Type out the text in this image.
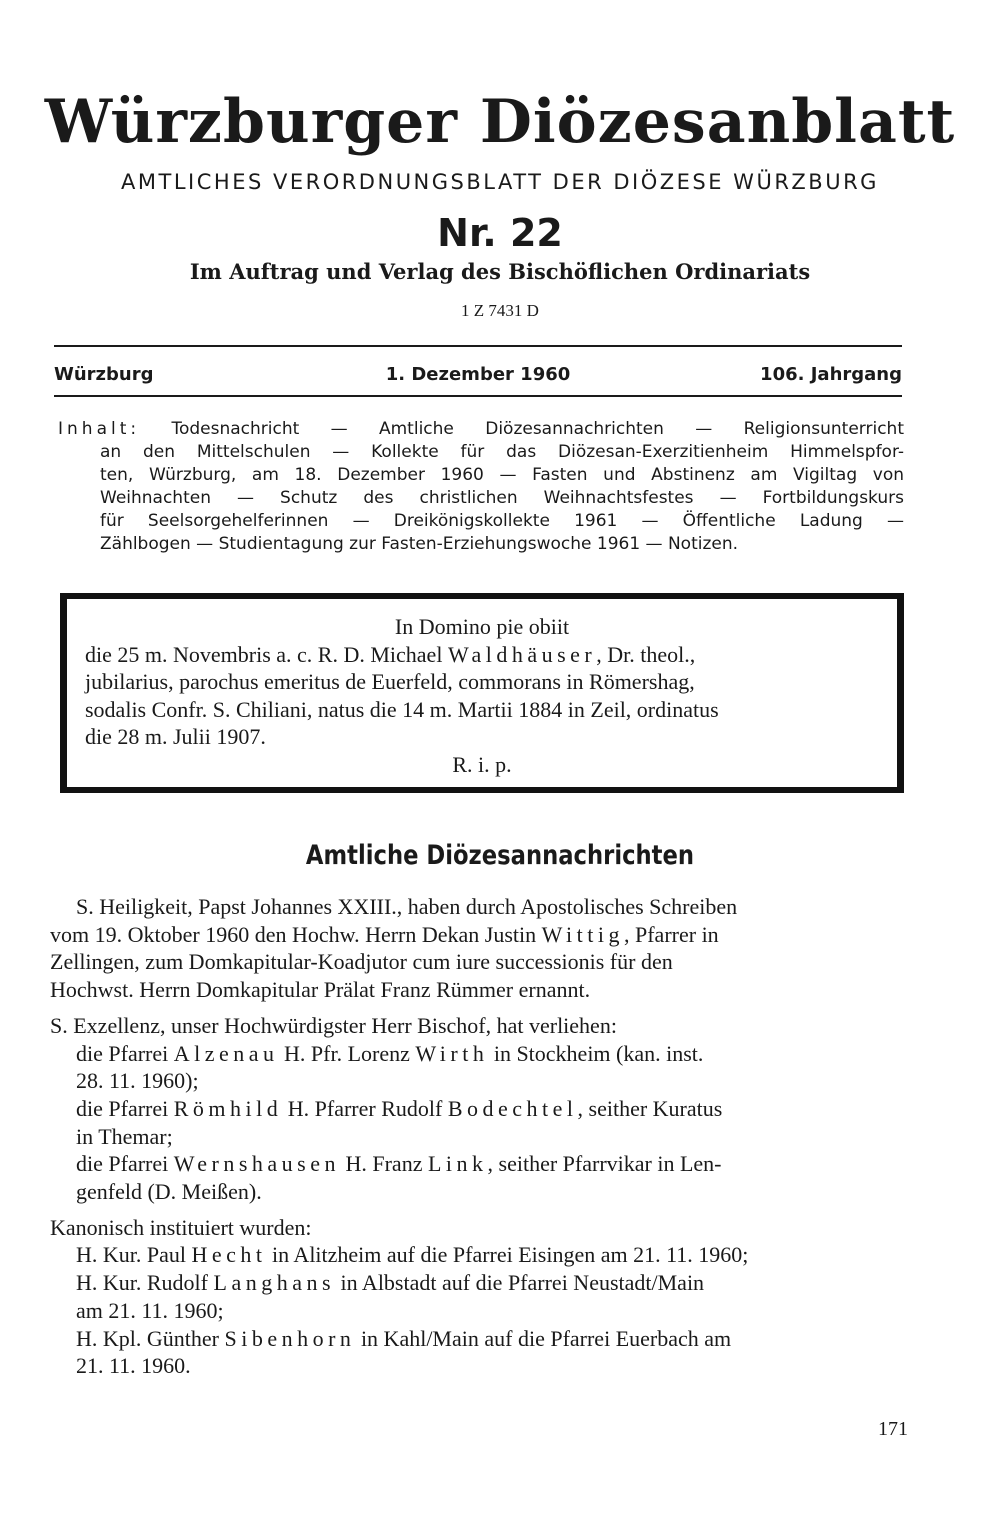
Würzburger Diözesanblatt
AMTLICHES VERORDNUNGSBLATT DER DIÖZESE WÜRZBURG
Nr. 22
Im Auftrag und Verlag des Bischöflichen Ordinariats
1 Z 7431 D
Würzburg	1. Dezember 1960	106. Jahrgang
Inhalt: Todesnachricht — Amtliche Diözesannachrichten — Religionsunterricht
an den Mittelschulen — Kollekte für das Diözesan-Exerzitienheim Himmelspfor-
ten, Würzburg, am 18. Dezember 1960 — Fasten und Abstinenz am Vigiltag von
Weihnachten — Schutz des christlichen Weihnachtsfestes — Fortbildungskurs
für Seelsorgehelferinnen — Dreikönigskollekte 1961 — Öffentliche Ladung —
Zählbogen — Studientagung zur Fasten-Erziehungswoche 1961 — Notizen.
In Domino pie obiit
die 25 m. Novembris a. c. R. D. Michael Waldhäuser, Dr. theol.,
jubilarius, parochus emeritus de Euerfeld, commorans in Römershag,
sodalis Confr. S. Chiliani, natus die 14 m. Martii 1884 in Zeil, ordinatus
die 28 m. Julii 1907.
R. i. p.
Amtliche Diözesannachrichten
S. Heiligkeit, Papst Johannes XXIII., haben durch Apostolisches Schreiben
vom 19. Oktober 1960 den Hochw. Herrn Dekan Justin Wittig, Pfarrer in
Zellingen, zum Domkapitular-Koadjutor cum iure successionis für den
Hochwst. Herrn Domkapitular Prälat Franz Rümmer ernannt.
S. Exzellenz, unser Hochwürdigster Herr Bischof, hat verliehen:
die Pfarrei Alzenau H. Pfr. Lorenz Wirth in Stockheim (kan. inst.
28. 11. 1960);
die Pfarrei Römhild H. Pfarrer Rudolf Bodechtel, seither Kuratus
in Themar;
die Pfarrei Wernshausen H. Franz Link, seither Pfarrvikar in Len-
genfeld (D. Meißen).
Kanonisch instituiert wurden:
H. Kur. Paul Hecht in Alitzheim auf die Pfarrei Eisingen am 21. 11. 1960;
H. Kur. Rudolf Langhans in Albstadt auf die Pfarrei Neustadt/Main
am 21. 11. 1960;
H. Kpl. Günther Sibenhorn in Kahl/Main auf die Pfarrei Euerbach am
21. 11. 1960.
171
